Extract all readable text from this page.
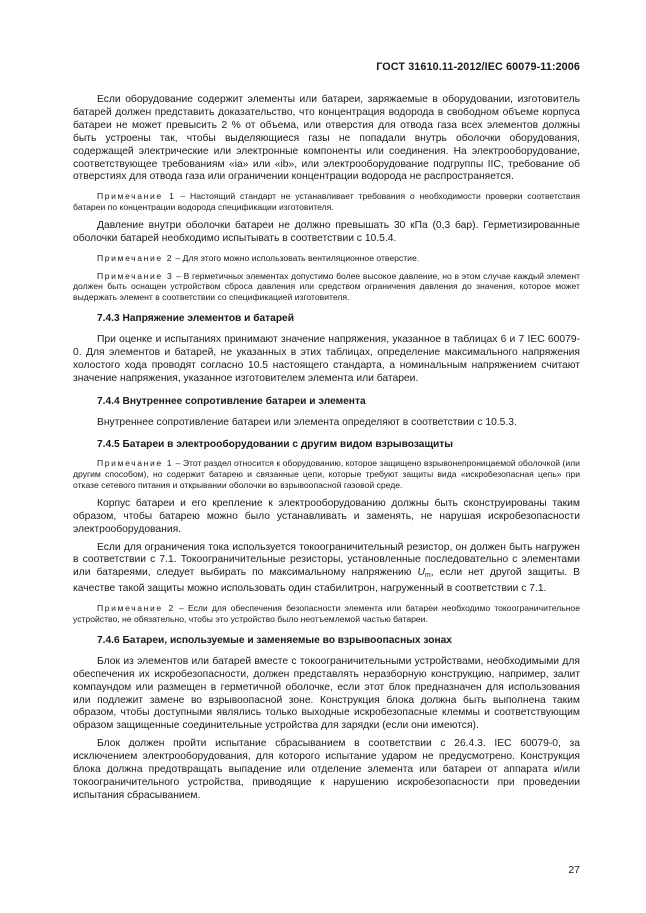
ГОСТ 31610.11-2012/IEC 60079-11:2006

Если оборудование содержит элементы или батареи, заряжаемые в оборудовании, изготовитель батарей должен представить доказательство, что концентрация водорода в свободном объеме корпуса батареи не может превысить 2 % от объема, или отверстия для отвода газа всех элементов должны быть устроены так, чтобы выделяющиеся газы не попадали внутрь оболочки оборудования, содержащей электрические или электронные компоненты или соединения. На электрооборудование, соответствующее требованиям «ia» или «ib», или электрооборудование подгруппы IIC, требование об отверстиях для отвода газа или ограничении концентрации водорода не распространяется.

Примечание 1 – Настоящий стандарт не устанавливает требования о необходимости проверки соответствия батареи по концентрации водорода спецификации изготовителя.

Давление внутри оболочки батареи не должно превышать 30 кПа (0,3 бар). Герметизированные оболочки батарей необходимо испытывать в соответствии с 10.5.4.

Примечание 2 – Для этого можно использовать вентиляционное отверстие.

Примечание 3 – В герметичных элементах допустимо более высокое давление, но в этом случае каждый элемент должен быть оснащен устройством сброса давления или средством ограничения давления до значения, которое может выдержать элемент в соответствии со спецификацией изготовителя.

7.4.3 Напряжение элементов и батарей

При оценке и испытаниях принимают значение напряжения, указанное в таблицах 6 и 7 IEC 60079-0. Для элементов и батарей, не указанных в этих таблицах, определение максимального напряжения холостого хода проводят согласно 10.5 настоящего стандарта, а номинальным напряжением считают значение напряжения, указанное изготовителем элемента или батареи.

7.4.4 Внутреннее сопротивление батареи и элемента

Внутреннее сопротивление батареи или элемента определяют в соответствии с 10.5.3.

7.4.5 Батареи в электрооборудовании с другим видом взрывозащиты

Примечание 1 – Этот раздел относится к оборудованию, которое защищено взрывонепроницаемой оболочкой (или другим способом), но содержит батарею и связанные цепи, которые требуют защиты вида «искробезопасная цепь» при отказе сетевого питания и открывании оболочки во взрывоопасной газовой среде.

Корпус батареи и его крепление к электрооборудованию должны быть сконструированы таким образом, чтобы батарею можно было устанавливать и заменять, не нарушая искробезопасности электрооборудования.

Если для ограничения тока используется токоограничительный резистор, он должен быть нагружен в соответствии с 7.1. Токоограничительные резисторы, установленные последовательно с элементами или батареями, следует выбирать по максимальному напряжению $U_m$, если нет другой защиты. В качестве такой защиты можно использовать один стабилитрон, нагруженный в соответствии с 7.1.

Примечание 2 – Если для обеспечения безопасности элемента или батареи необходимо токоограничительное устройство, не обязательно, чтобы это устройство было неотъемлемой частью батареи.

7.4.6 Батареи, используемые и заменяемые во взрывоопасных зонах

Блок из элементов или батарей вместе с токоограничительными устройствами, необходимыми для обеспечения их искробезопасности, должен представлять неразборную конструкцию, например, залит компаундом или размещен в герметичной оболочке, если этот блок предназначен для использования или подлежит замене во взрывоопасной зоне. Конструкция блока должна быть выполнена таким образом, чтобы доступными являлись только выходные искробезопасные клеммы и соответствующим образом защищенные соединительные устройства для зарядки (если они имеются).

Блок должен пройти испытание сбрасыванием в соответствии с 26.4.3. IEC 60079-0, за исключением электрооборудования, для которого испытание ударом не предусмотрено. Конструкция блока должна предотвращать выпадение или отделение элемента или батареи от аппарата и/или токоограничительного устройства, приводящие к нарушению искробезопасности при проведении испытания сбрасыванием.

27
